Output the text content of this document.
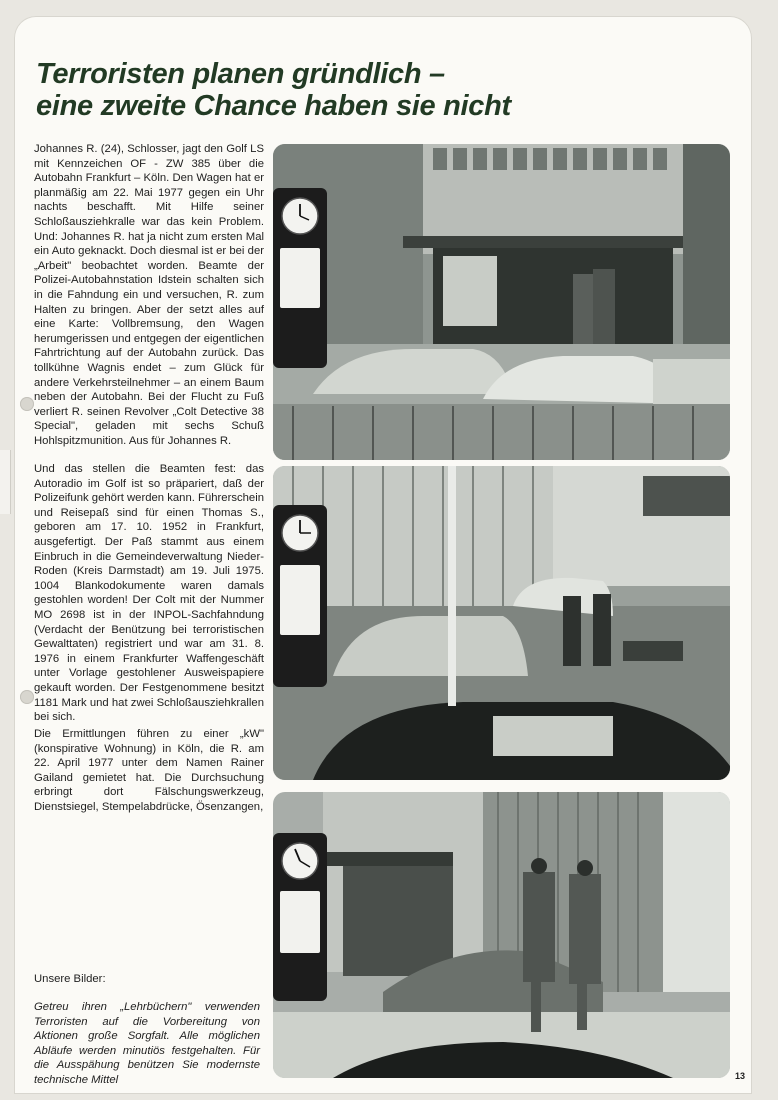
Terroristen planen gründlich –
eine zweite Chance haben sie nicht

Johannes R. (24), Schlosser, jagt den Golf LS mit Kennzeichen OF - ZW 385 über die Autobahn Frankfurt – Köln. Den Wagen hat er planmäßig am 22. Mai 1977 gegen ein Uhr nachts beschafft. Mit Hilfe seiner Schloßausziehkralle war das kein Problem. Und: Johannes R. hat ja nicht zum ersten Mal ein Auto geknackt. Doch diesmal ist er bei der „Arbeit" beobachtet worden. Beamte der Polizei-Autobahnstation Idstein schalten sich in die Fahndung ein und versuchen, R. zum Halten zu bringen. Aber der setzt alles auf eine Karte: Vollbremsung, den Wagen herumgerissen und entgegen der eigentlichen Fahrtrichtung auf der Autobahn zurück. Das tollkühne Wagnis endet – zum Glück für andere Verkehrsteilnehmer – an einem Baum neben der Autobahn. Bei der Flucht zu Fuß verliert R. seinen Revolver „Colt Detective 38 Special", geladen mit sechs Schuß Hohlspitzmunition. Aus für Johannes R.

Und das stellen die Beamten fest: das Autoradio im Golf ist so präpariert, daß der Polizeifunk gehört werden kann. Führerschein und Reisepaß sind für einen Thomas S., geboren am 17. 10. 1952 in Frankfurt, ausgefertigt. Der Paß stammt aus einem Einbruch in die Gemeindeverwaltung Nieder-Roden (Kreis Darmstadt) am 19. Juli 1975. 1004 Blankodokumente waren damals gestohlen worden! Der Colt mit der Nummer MO 2698 ist in der INPOL-Sachfahndung (Verdacht der Benützung bei terroristischen Gewalttaten) registriert und war am 31. 8. 1976 in einem Frankfurter Waffengeschäft unter Vorlage gestohlener Ausweispapiere gekauft worden. Der Festgenommene besitzt 1181 Mark und hat zwei Schloßausziehkrallen bei sich.

Die Ermittlungen führen zu einer „kW" (konspirative Wohnung) in Köln, die R. am 22. April 1977 unter dem Namen Rainer Gailand gemietet hat. Die Durchsuchung erbringt dort Fälschungswerkzeug, Dienstsiegel, Stempelabdrücke, Ösenzangen,

Unsere Bilder:
Getreu ihren „Lehrbüchern" verwenden Terroristen auf die Vorbereitung von Aktionen große Sorgfalt. Alle möglichen Abläufe werden minutiös festgehalten. Für die Ausspähung benützen Sie modernste technische Mittel	13
